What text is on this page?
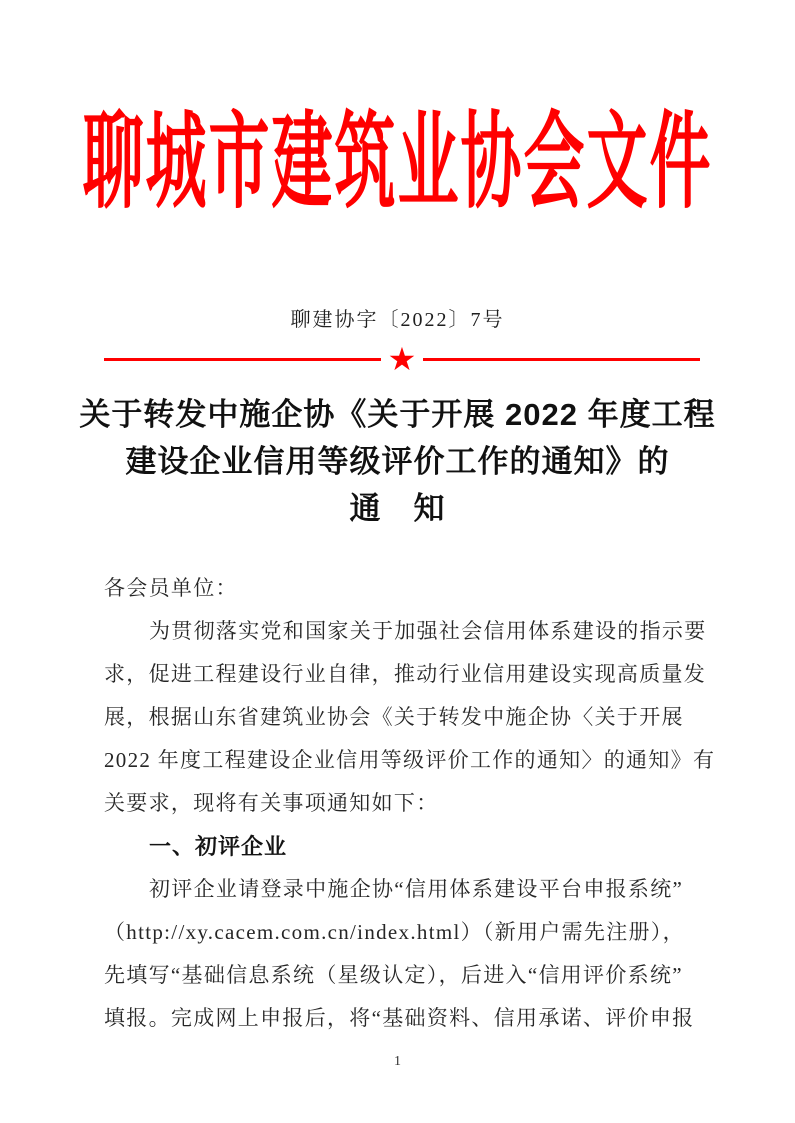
聊城市建筑业协会文件
聊建协字〔2022〕7号
★
关于转发中施企协《关于开展 2022 年度工程
建设企业信用等级评价工作的通知》的
通　知
各会员单位：
为贯彻落实党和国家关于加强社会信用体系建设的指示要
求，促进工程建设行业自律，推动行业信用建设实现高质量发
展，根据山东省建筑业协会《关于转发中施企协〈关于开展
2022 年度工程建设企业信用等级评价工作的通知〉的通知》有
关要求，现将有关事项通知如下：
一、初评企业
初评企业请登录中施企协“信用体系建设平台申报系统”
（http://xy.cacem.com.cn/index.html）（新用户需先注册），
先填写“基础信息系统（星级认定），后进入“信用评价系统”
填报。完成网上申报后，将“基础资料、信用承诺、评价申报
1
